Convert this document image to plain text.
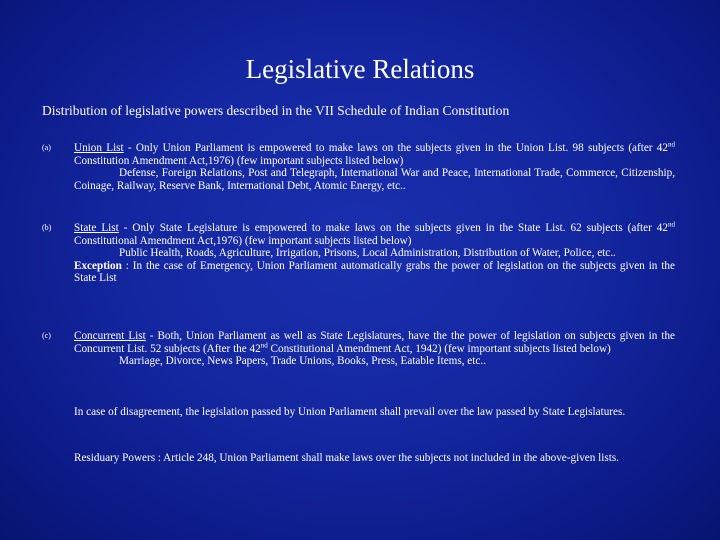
Legislative Relations
Distribution of legislative powers described in the VII Schedule of Indian Constitution
(a) Union List - Only Union Parliament is empowered to make laws on the subjects given in the Union List. 98 subjects (after 42nd Constitution Amendment Act,1976) (few important subjects listed below)

Defense, Foreign Relations, Post and Telegraph, International War and Peace, International Trade, Commerce, Citizenship, Coinage, Railway, Reserve Bank, International Debt, Atomic Energy, etc..

(b) State List - Only State Legislature is empowered to make laws on the subjects given in the State List. 62 subjects (after 42nd Constitutional Amendment Act,1976) (few important subjects listed below)

Public Health, Roads, Agriculture, Irrigation, Prisons, Local Administration, Distribution of Water, Police, etc..

Exception : In the case of Emergency, Union Parliament automatically grabs the power of legislation on the subjects given in the State List

(c) Concurrent List - Both, Union Parliament as well as State Legislatures, have the the power of legislation on subjects given in the Concurrent List. 52 subjects (After the 42nd Constitutional Amendment Act, 1942) (few important subjects listed below)

Marriage, Divorce, News Papers, Trade Unions, Books, Press, Eatable Items, etc..

In case of disagreement, the legislation passed by Union Parliament shall prevail over the law passed by State Legislatures.
Residuary Powers : Article 248, Union Parliament shall make laws over the subjects not included in the above-given lists.
